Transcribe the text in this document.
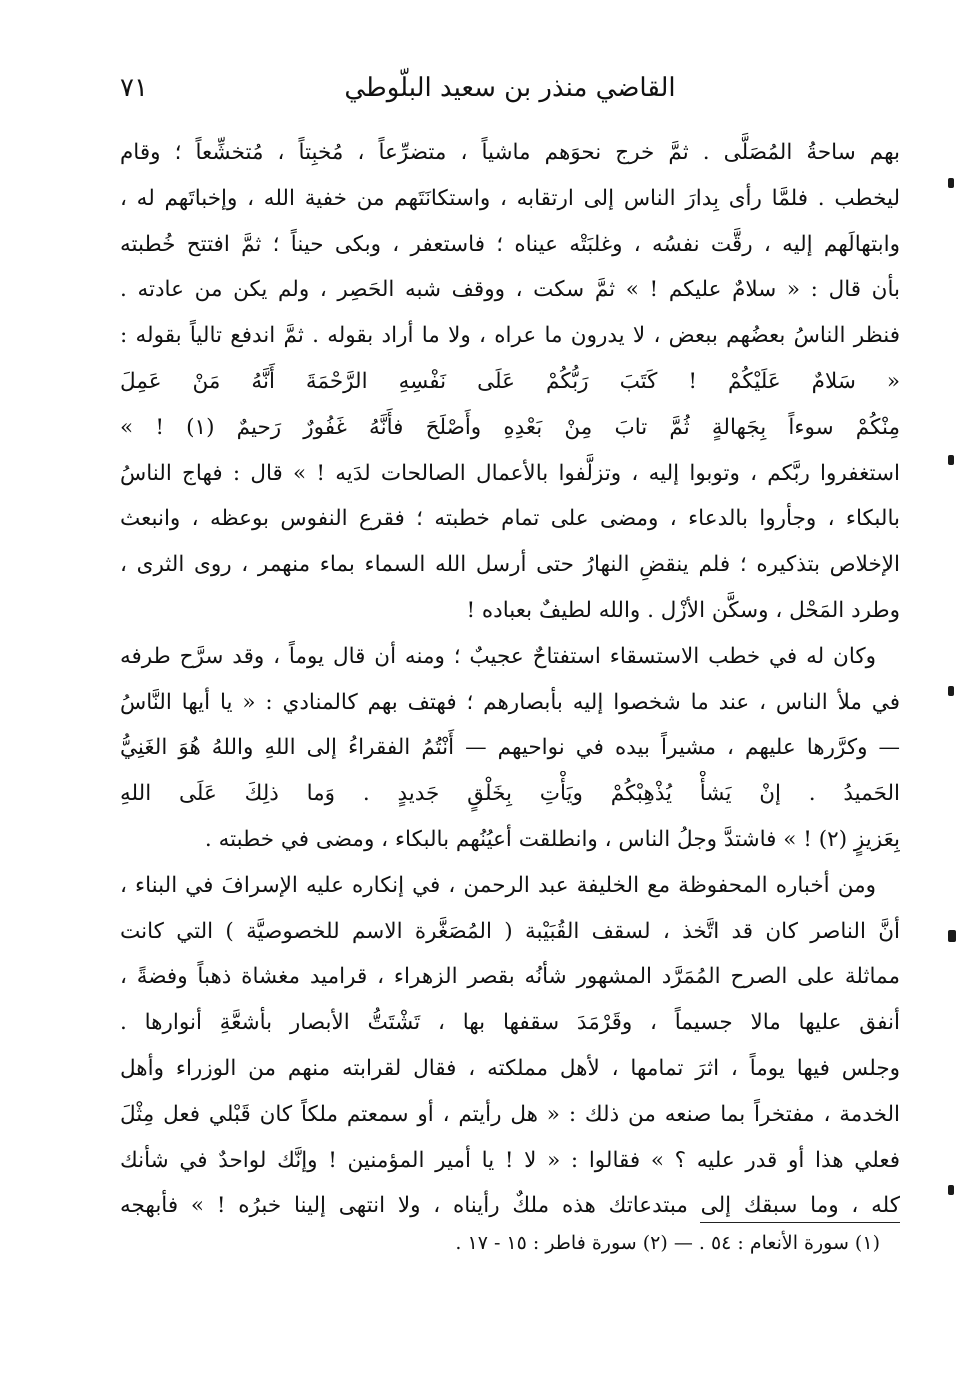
القاضي منذر بن سعيد البلّوطي
٧١
بهم ساحةُ المُصَلَّى . ثمَّ خرج نحوَهم ماشياً ، متضرِّعاً ، مُخبِتاً ، مُتخشِّعاً ؛ وقام
ليخطب . فلمَّا رأى بِدارَ الناس إلى ارتقابه ، واستكانَتَهم من خفية الله ، وإخباتَهم له ،
وابتهالَهم إليه ، رقَّت نفسُه ، وغلبَتْه عيناه ؛ فاستعفر ، وبكى حيناً ؛ ثمَّ افتتح خُطبته
بأن قال : « سلامٌ عليكم ! » ثمَّ سكت ، ووقف شبه الحَصِر ، ولم يكن من عادته .
فنظر الناسُ بعضُهم ببعض ، لا يدرون ما عراه ، ولا ما أراد بقوله . ثمَّ اندفع تالياً بقوله :
« سَلامٌ عَلَيْكُمْ ! كَتَبَ رَبُّكُمْ عَلَى نَفْسِهِ الرَّحْمَةَ أَنَّهُ مَنْ عَمِلَ
مِنْكُمْ سوءاً بِجَهالةٍ ثُمَّ تابَ مِنْ بَعْدِهِ وأَصْلَحَ فأَنَّهُ غَفُورٌ رَحيمٌ (١) ! »
استغفروا ربَّكم ، وتوبوا إليه ، وتزلَّفوا بالأعمال الصالحات لدَيه ! » قال : فهاج الناسُ
بالبكاء ، وجأروا بالدعاء ، ومضى على تمام خطبته ؛ فقرع النفوس بوعظه ، وانبعث
الإخلاص بتذكيره ؛ فلم ينقضِ النهارُ حتى أرسل الله السماء بماء منهمر ، روى الثرى ،
وطرد المَحْل ، وسكَّن الأزْل . والله لطيفٌ بعباده !
وكان له في خطب الاستسقاء استفتاحٌ عجيبٌ ؛ ومنه أن قال يوماً ، وقد سرَّح طرفه
في ملأ الناس ، عند ما شخصوا إليه بأبصارهم ؛ فهتف بهم كالمنادي : « يا أيها النَّاسُ
— وكرَّرها عليهم ، مشيراً بيده في نواحيهم — أَنْتُمُ الفقراءُ إلى اللهِ واللهُ هُوَ الغَنِيُّ
الحَميدُ . إنْ يَشأْ يُذْهِبْكُمْ ويَأْتِ بِخَلْقٍ جَديدٍ . وَما ذلِكَ عَلَى اللهِ
بِعَزيزٍ (٢) ! » فاشتدَّ وجلُ الناس ، وانطلقت أعيُنُهم بالبكاء ، ومضى في خطبته .
ومن أخباره المحفوظة مع الخليفة عبد الرحمن ، في إنكاره عليه الإسرافَ في البناء ،
أنَّ الناصر كان قد اتَّخذ ، لسقف القُبَيْبة ( المُصَغَّرة الاسم للخصوصيَّة ) التي كانت
مماثلة على الصرح المُمَرَّد المشهور شأنُه بقصر الزهراء ، قراميد مغشاة ذهباً وفضةً ،
أنفق عليها مالا جسيماً ، وقَرْمَدَ سقفها بها ، تَشْتَتُّ الأبصار بأشعَّةِ أنوارها .
وجلس فيها يوماً ، اثرَ تمامها ، لأهل مملكته ، فقال لقرابته منهم من الوزراء وأهل
الخدمة ، مفتخراً بما صنعه من ذلك : « هل رأيتم ، أو سمعتم ملكاً كان قَبْلي فعل مِثْلَ
فعلي هذا أو قدر عليه ؟ » فقالوا : « لا ! يا أمير المؤمنين ! وإنَّك لواحدٌ في شأنك
كله ، وما سبقك إلى مبتدعاتك هذه ملكٌ رأيناه ، ولا انتهى إلينا خبرُه ! » فأبهجه
(١) سورة الأنعام : ٥٤ . — (٢) سورة فاطر : ١٥ - ١٧ .
